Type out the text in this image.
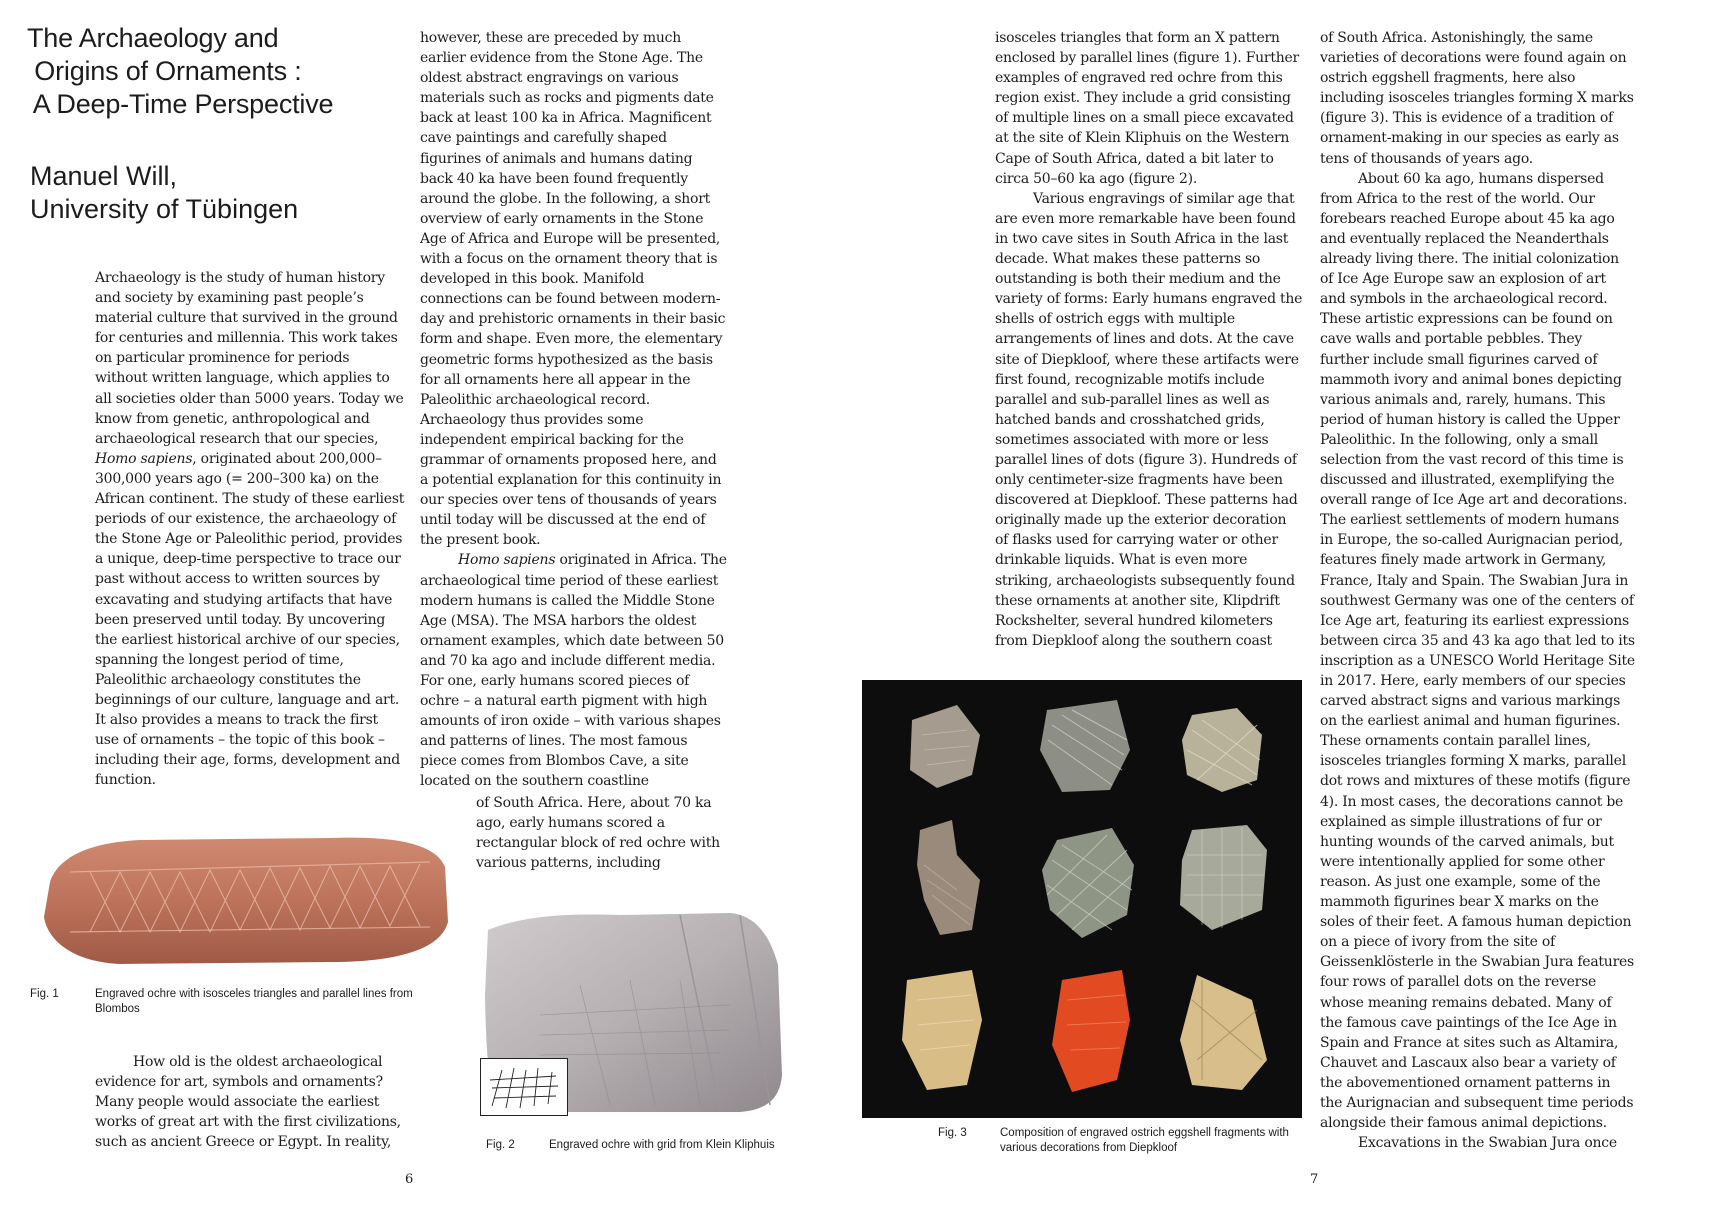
The Archaeology and
Origins of Ornaments :
A Deep-Time Perspective
Manuel Will,
University of Tübingen

Archaeology is the study of human history and society by examining past people’s material culture that survived in the ground for centuries and millennia. This work takes on particular prominence for periods without written language, which applies to all societies older than 5000 years. Today we know from genetic, anthropological and archaeological research that our species, Homo sapiens, originated about 200,000–300,000 years ago (= 200–300 ka) on the African continent. The study of these earliest periods of our existence, the archaeology of the Stone Age or Paleolithic period, provides a unique, deep-time perspective to trace our past without access to written sources by excavating and studying artifacts that have been preserved until today. By uncovering the earliest historical archive of our species, spanning the longest period of time, Paleolithic archaeology constitutes the beginnings of our culture, language and art. It also provides a means to track the first use of ornaments – the topic of this book – including their age, forms, development and function.

Fig. 1	Engraved ochre with isosceles triangles and parallel lines from Blombos

How old is the oldest archaeological evidence for art, symbols and ornaments? Many people would associate the earliest works of great art with the first civilizations, such as ancient Greece or Egypt. In reality,

however, these are preceded by much earlier evidence from the Stone Age. The oldest abstract engravings on various materials such as rocks and pigments date back at least 100 ka in Africa. Magnificent cave paintings and carefully shaped figurines of animals and humans dating back 40 ka have been found frequently around the globe. In the following, a short overview of early ornaments in the Stone Age of Africa and Europe will be presented, with a focus on the ornament theory that is developed in this book. Manifold connections can be found between modern-day and prehistoric ornaments in their basic form and shape. Even more, the elementary geometric forms hypothesized as the basis for all ornaments here all appear in the Paleolithic archaeological record. Archaeology thus provides some independent empirical backing for the grammar of ornaments proposed here, and a potential explanation for this continuity in our species over tens of thousands of years until today will be discussed at the end of the present book.

Homo sapiens originated in Africa. The archaeological time period of these earliest modern humans is called the Middle Stone Age (MSA). The MSA harbors the oldest ornament examples, which date between 50 and 70 ka ago and include different media. For one, early humans scored pieces of ochre – a natural earth pigment with high amounts of iron oxide – with various shapes and patterns of lines. The most famous piece comes from Blombos Cave, a site located on the southern coastline

of South Africa. Here, about 70 ka ago, early humans scored a rectangular block of red ochre with various patterns, including

Fig. 2	Engraved ochre with grid from Klein Kliphuis
6

isosceles triangles that form an X pattern enclosed by parallel lines (figure 1). Further examples of engraved red ochre from this region exist. They include a grid consisting of multiple lines on a small piece excavated at the site of Klein Kliphuis on the Western Cape of South Africa, dated a bit later to circa 50–60 ka ago (figure 2).

Various engravings of similar age that are even more remarkable have been found in two cave sites in South Africa in the last decade. What makes these patterns so outstanding is both their medium and the variety of forms: Early humans engraved the shells of ostrich eggs with multiple arrangements of lines and dots. At the cave site of Diepkloof, where these artifacts were first found, recognizable motifs include parallel and sub-parallel lines as well as hatched bands and crosshatched grids, sometimes associated with more or less parallel lines of dots (figure 3). Hundreds of only centimeter-size fragments have been discovered at Diepkloof. These patterns had originally made up the exterior decoration of flasks used for carrying water or other drinkable liquids. What is even more striking, archaeologists subsequently found these ornaments at another site, Klipdrift Rockshelter, several hundred kilometers from Diepkloof along the southern coast

of South Africa. Astonishingly, the same varieties of decorations were found again on ostrich eggshell fragments, here also including isosceles triangles forming X marks (figure 3). This is evidence of a tradition of ornament-making in our species as early as tens of thousands of years ago.

About 60 ka ago, humans dispersed from Africa to the rest of the world. Our forebears reached Europe about 45 ka ago and eventually replaced the Neanderthals already living there. The initial colonization of Ice Age Europe saw an explosion of art and symbols in the archaeological record. These artistic expressions can be found on cave walls and portable pebbles. They further include small figurines carved of mammoth ivory and animal bones depicting various animals and, rarely, humans. This period of human history is called the Upper Paleolithic. In the following, only a small selection from the vast record of this time is discussed and illustrated, exemplifying the overall range of Ice Age art and decorations. The earliest settlements of modern humans in Europe, the so-called Aurignacian period, features finely made artwork in Germany, France, Italy and Spain. The Swabian Jura in southwest Germany was one of the centers of Ice Age art, featuring its earliest expressions between circa 35 and 43 ka ago that led to its inscription as a UNESCO World Heritage Site in 2017. Here, early members of our species carved abstract signs and various markings on the earliest animal and human figurines. These ornaments contain parallel lines, isosceles triangles forming X marks, parallel dot rows and mixtures of these motifs (figure 4). In most cases, the decorations cannot be explained as simple illustrations of fur or hunting wounds of the carved animals, but were intentionally applied for some other reason. As just one example, some of the mammoth figurines bear X marks on the soles of their feet. A famous human depiction on a piece of ivory from the site of Geissenklösterle in the Swabian Jura features four rows of parallel dots on the reverse whose meaning remains debated. Many of the famous cave paintings of the Ice Age in Spain and France at sites such as Altamira, Chauvet and Lascaux also bear a variety of the abovementioned ornament patterns in the Aurignacian and subsequent time periods alongside their famous animal depictions.

Excavations in the Swabian Jura once

Fig. 3	Composition of engraved ostrich eggshell fragments with various decorations from Diepkloof
7
